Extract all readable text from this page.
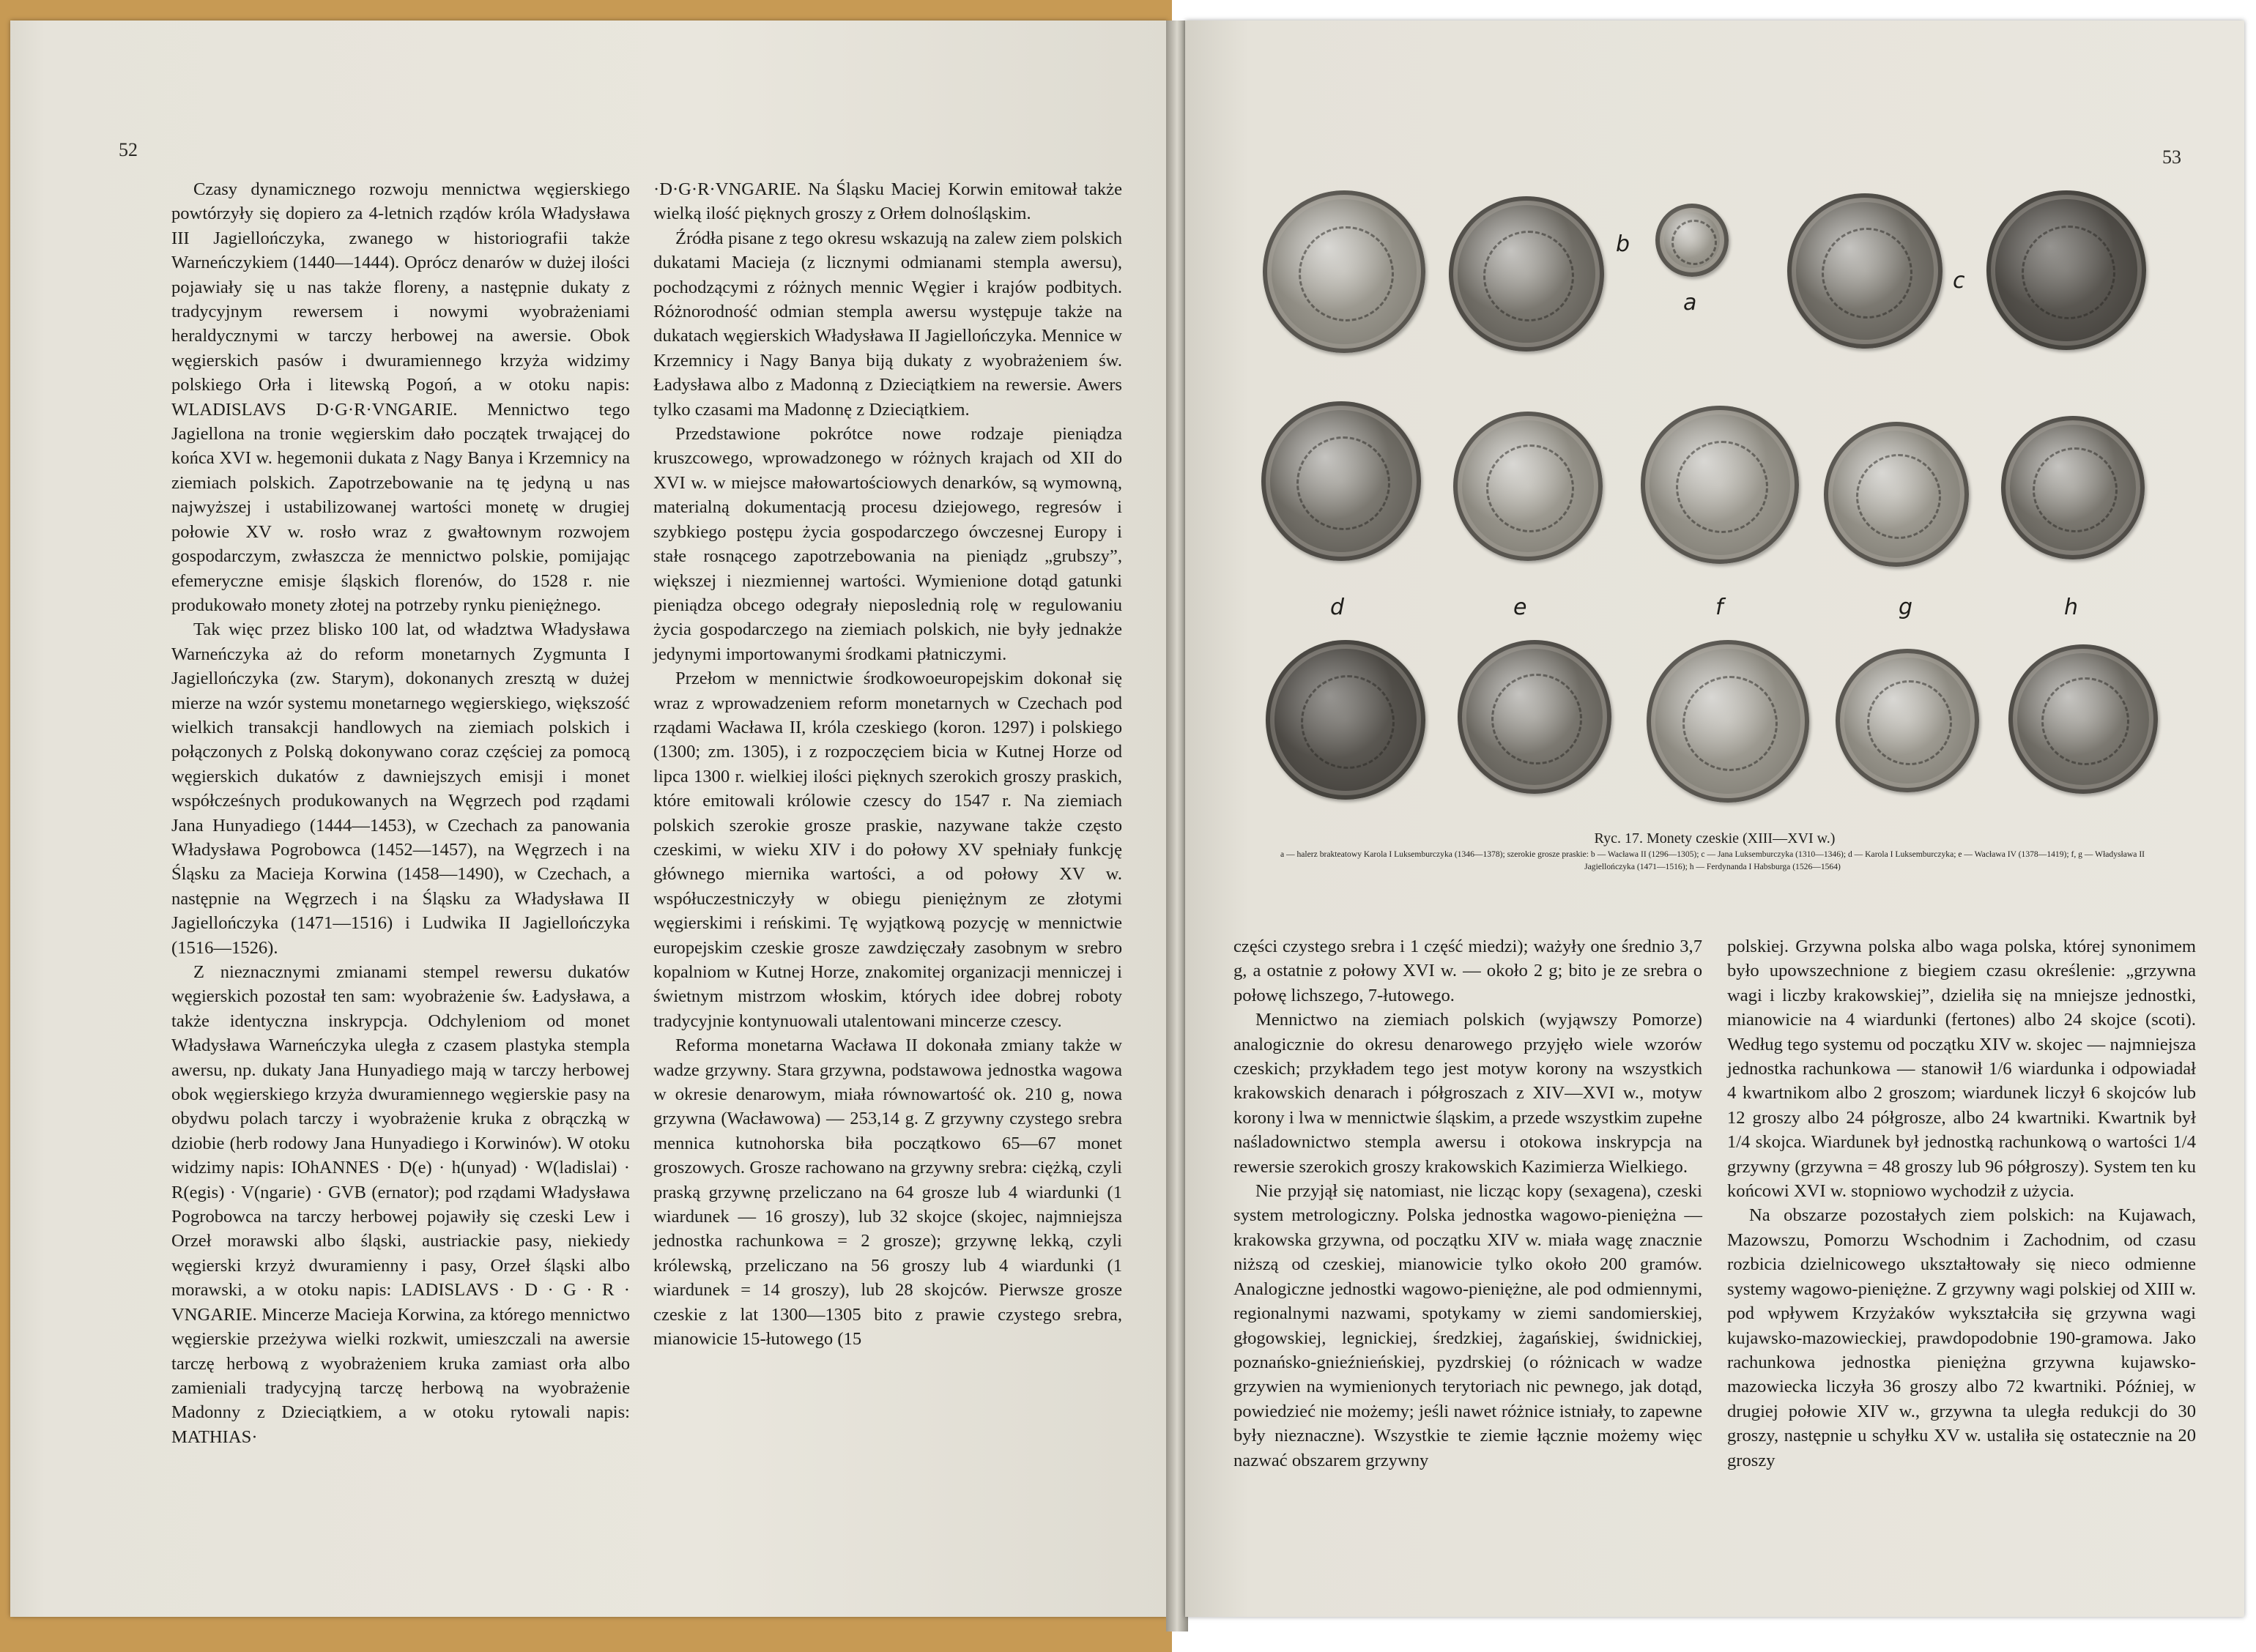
52

Czasy dynamicznego rozwoju mennictwa węgierskiego powtórzyły się dopiero za 4-letnich rządów króla Władysława III Jagiellończyka, zwanego w historiografii także Warneńczykiem (1440—1444). Oprócz denarów w dużej ilości pojawiały się u nas także floreny, a następnie dukaty z tradycyjnym rewersem i nowymi wyobrażeniami heraldycznymi w tarczy herbowej na awersie. Obok węgierskich pasów i dwuramiennego krzyża widzimy polskiego Orła i litewską Pogoń, a w otoku napis: WLADISLAVS D·G·R·VNGARIE. Mennictwo tego Jagiellona na tronie węgierskim dało początek trwającej do końca XVI w. hegemonii dukata z Nagy Banya i Krzemnicy na ziemiach polskich. Zapotrzebowanie na tę jedyną u nas najwyższej i ustabilizowanej wartości monetę w drugiej połowie XV w. rosło wraz z gwałtownym rozwojem gospodarczym, zwłaszcza że mennictwo polskie, pomijając efemeryczne emisje śląskich florenów, do 1528 r. nie produkowało monety złotej na potrzeby rynku pieniężnego.

Tak więc przez blisko 100 lat, od władztwa Władysława Warneńczyka aż do reform monetarnych Zygmunta I Jagiellończyka (zw. Starym), dokonanych zresztą w dużej mierze na wzór systemu monetarnego węgierskiego, większość wielkich transakcji handlowych na ziemiach polskich i połączonych z Polską dokonywano coraz częściej za pomocą węgierskich dukatów z dawniejszych emisji i monet współcześnych produkowanych na Węgrzech pod rządami Jana Hunyadiego (1444—1453), w Czechach za panowania Władysława Pogrobowca (1452—1457), na Węgrzech i na Śląsku za Macieja Korwina (1458—1490), w Czechach, a następnie na Węgrzech i na Śląsku za Władysława II Jagiellończyka (1471—1516) i Ludwika II Jagiellończyka (1516—1526).

Z nieznacznymi zmianami stempel rewersu dukatów węgierskich pozostał ten sam: wyobrażenie św. Ładysława, a także identyczna inskrypcja. Odchyleniom od monet Władysława Warneńczyka uległa z czasem plastyka stempla awersu, np. dukaty Jana Hunyadiego mają w tarczy herbowej obok węgierskiego krzyża dwuramiennego węgierskie pasy na obydwu polach tarczy i wyobrażenie kruka z obrączką w dziobie (herb rodowy Jana Hunyadiego i Korwinów). W otoku widzimy napis: IOhANNES · D(e) · h(unyad) · W(ladislai) · R(egis) · V(ngarie) · GVB (ernator); pod rządami Władysława Pogrobowca na tarczy herbowej pojawiły się czeski Lew i Orzeł morawski albo śląski, austriackie pasy, niekiedy węgierski krzyż dwuramienny i pasy, Orzeł śląski albo morawski, a w otoku napis: LADISLAVS · D · G · R · VNGARIE. Mincerze Macieja Korwina, za którego mennictwo węgierskie przeżywa wielki rozkwit, umieszczali na awersie tarczę herbową z wyobrażeniem kruka zamiast orła albo zamieniali tradycyjną tarczę herbową na wyobrażenie Madonny z Dzieciątkiem, a w otoku rytowali napis: MATHIAS·

·D·G·R·VNGARIE. Na Śląsku Maciej Korwin emitował także wielką ilość pięknych groszy z Orłem dolnośląskim.

Źródła pisane z tego okresu wskazują na zalew ziem polskich dukatami Macieja (z licznymi odmianami stempla awersu), pochodzącymi z różnych mennic Węgier i krajów podbitych. Różnorodność odmian stempla awersu występuje także na dukatach węgierskich Władysława II Jagiellończyka. Mennice w Krzemnicy i Nagy Banya biją dukaty z wyobrażeniem św. Ładysława albo z Madonną z Dzieciątkiem na rewersie. Awers tylko czasami ma Madonnę z Dzieciątkiem.

Przedstawione pokrótce nowe rodzaje pieniądza kruszcowego, wprowadzonego w różnych krajach od XII do XVI w. w miejsce małowartościowych denarków, są wymowną, materialną dokumentacją procesu dziejowego, regresów i szybkiego postępu życia gospodarczego ówczesnej Europy i stałe rosnącego zapotrzebowania na pieniądz „grubszy”, większej i niezmiennej wartości. Wymienione dotąd gatunki pieniądza obcego odegrały nieposlednią rolę w regulowaniu życia gospodarczego na ziemiach polskich, nie były jednakże jedynymi importowanymi środkami płatniczymi.

Przełom w mennictwie środkowoeuropejskim dokonał się wraz z wprowadzeniem reform monetarnych w Czechach pod rządami Wacława II, króla czeskiego (koron. 1297) i polskiego (1300; zm. 1305), i z rozpoczęciem bicia w Kutnej Horze od lipca 1300 r. wielkiej ilości pięknych szerokich groszy praskich, które emitowali królowie czescy do 1547 r. Na ziemiach polskich szerokie grosze praskie, nazywane także często czeskimi, w wieku XIV i do połowy XV spełniały funkcję głównego miernika wartości, a od połowy XV w. współuczestniczyły w obiegu pieniężnym ze złotymi węgierskimi i reńskimi. Tę wyjątkową pozycję w mennictwie europejskim czeskie grosze zawdzięczały zasobnym w srebro kopalniom w Kutnej Horze, znakomitej organizacji menniczej i świetnym mistrzom włoskim, których idee dobrej roboty tradycyjnie kontynuowali utalentowani mincerze czescy.

Reforma monetarna Wacława II dokonała zmiany także w wadze grzywny. Stara grzywna, podstawowa jednostka wagowa w okresie denarowym, miała równowartość ok. 210 g, nowa grzywna (Wacławowa) — 253,14 g. Z grzywny czystego srebra mennica kutnohorska biła początkowo 65—67 monet groszowych. Grosze rachowano na grzywny srebra: ciężką, czyli praską grzywnę przeliczano na 64 grosze lub 4 wiardunki (1 wiardunek — 16 groszy), lub 32 skojce (skojec, najmniejsza jednostka rachunkowa = 2 grosze); grzywnę lekką, czyli królewską, przeliczano na 56 groszy lub 4 wiardunki (1 wiardunek = 14 groszy), lub 28 skojców. Pierwsze grosze czeskie z lat 1300—1305 bito z prawie czystego srebra, mianowicie 15-łutowego (15

53
b
a
c
d	e	f	g	h
Ryc. 17. Monety czeskie (XIII—XVI w.)
a — halerz brakteatowy Karola I Luksemburczyka (1346—1378); szerokie grosze praskie: b — Wacława II (1296—1305); c — Jana Luksemburczyka (1310—1346); d — Karola I Luksemburczyka; e — Wacława IV (1378—1419); f, g — Władysława II Jagiellończyka (1471—1516); h — Ferdynanda I Habsburga (1526—1564)

części czystego srebra i 1 część miedzi); ważyły one średnio 3,7 g, a ostatnie z połowy XVI w. — około 2 g; bito je ze srebra o połowę lichszego, 7-łutowego.

Mennictwo na ziemiach polskich (wyjąwszy Pomorze) analogicznie do okresu denarowego przyjęło wiele wzorów czeskich; przykładem tego jest motyw korony na wszystkich krakowskich denarach i półgroszach z XIV—XVI w., motyw korony i lwa w mennictwie śląskim, a przede wszystkim zupełne naśladownictwo stempla awersu i otokowa inskrypcja na rewersie szerokich groszy krakowskich Kazimierza Wielkiego.

Nie przyjął się natomiast, nie licząc kopy (sexagena), czeski system metrologiczny. Polska jednostka wagowo-pieniężna — krakowska grzywna, od początku XIV w. miała wagę znacznie niższą od czeskiej, mianowicie tylko około 200 gramów. Analogiczne jednostki wagowo-pieniężne, ale pod odmiennymi, regionalnymi nazwami, spotykamy w ziemi sandomierskiej, głogowskiej, legnickiej, średzkiej, żagańskiej, świdnickiej, poznańsko-gnieźnieńskiej, pyzdrskiej (o różnicach w wadze grzywien na wymienionych terytoriach nic pewnego, jak dotąd, powiedzieć nie możemy; jeśli nawet różnice istniały, to zapewne były nieznaczne). Wszystkie te ziemie łącznie możemy więc nazwać obszarem grzywny

polskiej. Grzywna polska albo waga polska, której synonimem było upowszechnione z biegiem czasu określenie: „grzywna wagi i liczby krakowskiej”, dzieliła się na mniejsze jednostki, mianowicie na 4 wiardunki (fertones) albo 24 skojce (scoti). Według tego systemu od początku XIV w. skojec — najmniejsza jednostka rachunkowa — stanowił 1/6 wiardunka i odpowiadał 4 kwartnikom albo 2 groszom; wiardunek liczył 6 skojców lub 12 groszy albo 24 półgrosze, albo 24 kwartniki. Kwartnik był 1/4 skojca. Wiardunek był jednostką rachunkową o wartości 1/4 grzywny (grzywna = 48 groszy lub 96 półgroszy). System ten ku końcowi XVI w. stopniowo wychodził z użycia.

Na obszarze pozostałych ziem polskich: na Kujawach, Mazowszu, Pomorzu Wschodnim i Zachodnim, od czasu rozbicia dzielnicowego ukształtowały się nieco odmienne systemy wagowo-pieniężne. Z grzywny wagi polskiej od XIII w. pod wpływem Krzyżaków wykształciła się grzywna wagi kujawsko-mazowieckiej, prawdopodobnie 190-gramowa. Jako rachunkowa jednostka pieniężna grzywna kujawsko-mazowiecka liczyła 36 groszy albo 72 kwartniki. Później, w drugiej połowie XIV w., grzywna ta uległa redukcji do 30 groszy, następnie u schyłku XV w. ustaliła się ostatecznie na 20 groszy
